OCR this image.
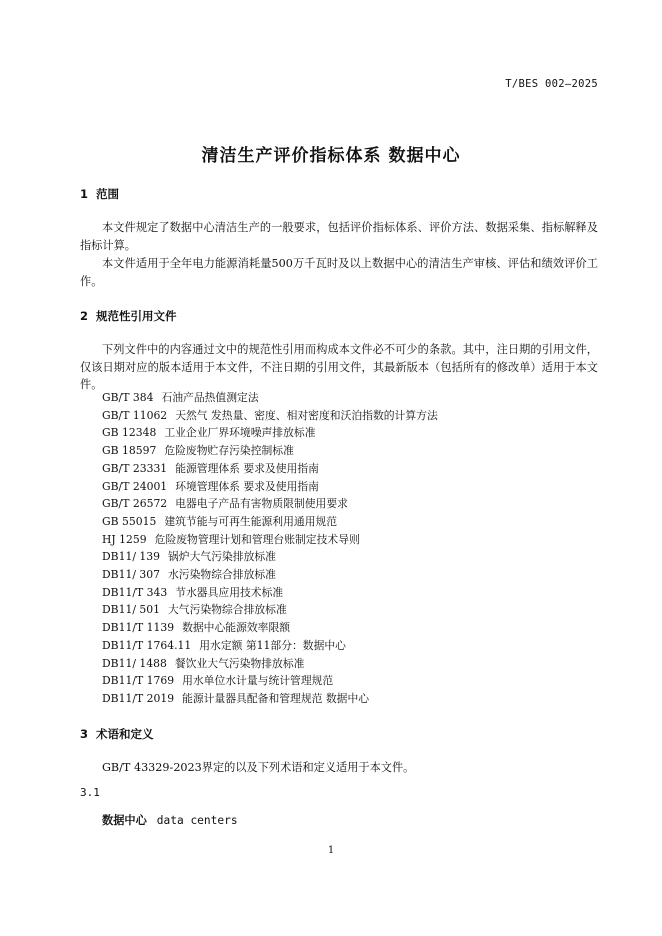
T/BES 002—2025
清洁生产评价指标体系 数据中心
1 范围
本文件规定了数据中心清洁生产的一般要求，包括评价指标体系、评价方法、数据采集、指标解释及指标计算。
本文件适用于全年电力能源消耗量500万千瓦时及以上数据中心的清洁生产审核、评估和绩效评价工作。
2 规范性引用文件
下列文件中的内容通过文中的规范性引用而构成本文件必不可少的条款。其中，注日期的引用文件，仅该日期对应的版本适用于本文件，不注日期的引用文件，其最新版本（包括所有的修改单）适用于本文件。
GB/T 384 石油产品热值测定法
GB/T 11062 天然气 发热量、密度、相对密度和沃泊指数的计算方法
GB 12348 工业企业厂界环境噪声排放标准
GB 18597 危险废物贮存污染控制标准
GB/T 23331 能源管理体系 要求及使用指南
GB/T 24001 环境管理体系 要求及使用指南
GB/T 26572 电器电子产品有害物质限制使用要求
GB 55015 建筑节能与可再生能源利用通用规范
HJ 1259 危险废物管理计划和管理台账制定技术导则
DB11/ 139 锅炉大气污染排放标准
DB11/ 307 水污染物综合排放标准
DB11/T 343 节水器具应用技术标准
DB11/ 501 大气污染物综合排放标准
DB11/T 1139 数据中心能源效率限额
DB11/T 1764.11 用水定额 第11部分：数据中心
DB11/ 1488 餐饮业大气污染物排放标准
DB11/T 1769 用水单位水计量与统计管理规范
DB11/T 2019 能源计量器具配备和管理规范 数据中心
3 术语和定义
GB/T 43329-2023界定的以及下列术语和定义适用于本文件。
3.1
数据中心 data centers
1
